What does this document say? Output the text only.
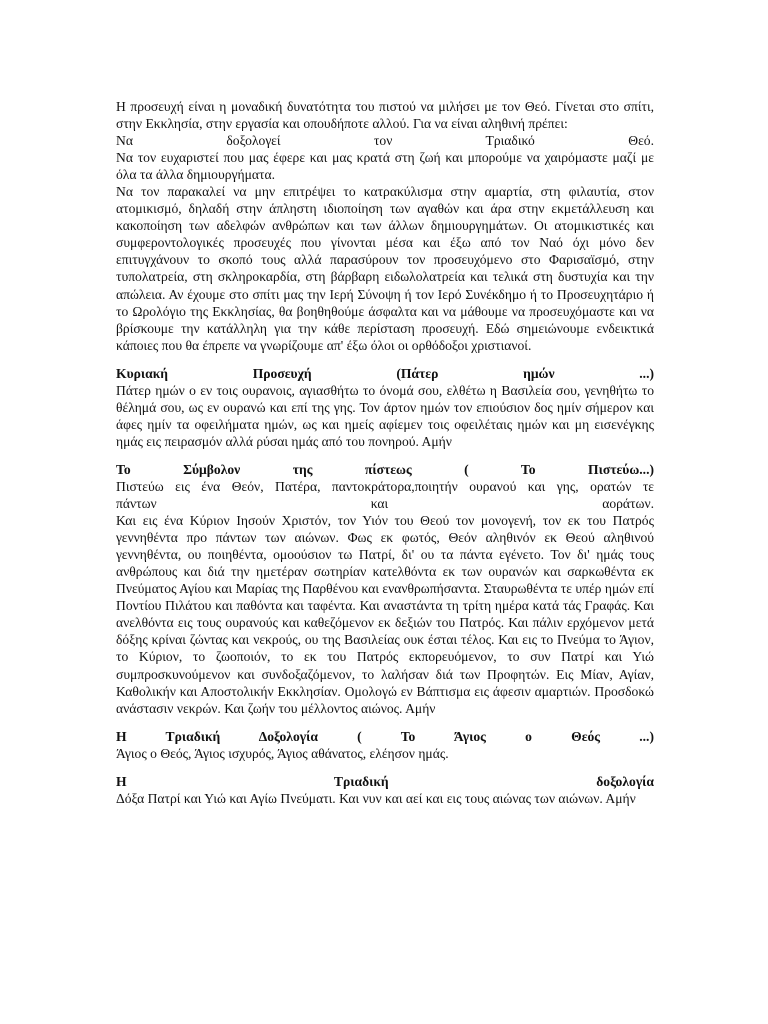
Η προσευχή είναι η μοναδική δυνατότητα του πιστού να μιλήσει με τον Θεό. Γίνεται στο σπίτι, στην Εκκλησία, στην εργασία και οπουδήποτε αλλού. Για να είναι αληθινή πρέπει:

Να δοξολογεί τον Τριαδικό Θεό.

Να τον ευχαριστεί που μας έφερε και μας κρατά στη ζωή και μπορούμε να χαιρόμαστε μαζί με όλα τα άλλα δημιουργήματα.

Να τον παρακαλεί να μην επιτρέψει το κατρακύλισμα στην αμαρτία, στη φιλαυτία, στον ατομικισμό, δηλαδή στην άπληστη ιδιοποίηση των αγαθών και άρα στην εκμετάλλευση και κακοποίηση των αδελφών ανθρώπων και των άλλων δημιουργημάτων. Οι ατομικιστικές και συμφεροντολογικές προσευχές που γίνονται μέσα και έξω από τον Ναό όχι μόνο δεν επιτυγχάνουν το σκοπό τους αλλά παρασύρουν τον προσευχόμενο στο Φαρισαϊσμό, στην τυπολατρεία, στη σκληροκαρδία, στη βάρβαρη ειδωλολατρεία και τελικά στη δυστυχία και την απώλεια. Αν έχουμε στο σπίτι μας την Ιερή Σύνοψη ή τον Ιερό Συνέκδημο ή το Προσευχητάριο ή το Ωρολόγιο της Εκκλησίας, θα βοηθηθούμε άσφαλτα και να μάθουμε να προσευχόμαστε και να βρίσκουμε την κατάλληλη για την κάθε περίσταση προσευχή. Εδώ σημειώνουμε ενδεικτικά κάποιες που θα έπρεπε να γνωρίζουμε απ' έξω όλοι οι ορθόδοξοι χριστιανοί.

Κυριακή Προσευχή (Πάτερ ημών ...)

Πάτερ ημών ο εν τοις ουρανοις, αγιασθήτω το όνομά σου, ελθέτω η Βασιλεία σου, γενηθήτω το θέλημά σου, ως εν ουρανώ και επί της γης. Τον άρτον ημών τον επιούσιον δος ημίν σήμερον και άφες ημίν τα οφειλήματα ημών, ως και ημείς αφίεμεν τοις οφειλέταις ημών και μη εισενέγκης ημάς εις πειρασμόν αλλά ρύσαι ημάς από του πονηρού. Αμήν

Το Σύμβολον της πίστεως ( Το Πιστεύω...)

Πιστεύω εις ένα Θεόν, Πατέρα, παντοκράτορα,ποιητήν ουρανού και γης, ορατών τε

πάντων και αοράτων.

Και εις ένα Κύριον Ιησούν Χριστόν, τον Υιόν του Θεού τον μονογενή, τον εκ του Πατρός γεννηθέντα προ πάντων των αιώνων. Φως εκ φωτός, Θεόν αληθινόν εκ Θεού αληθινού γεννηθέντα, ου ποιηθέντα, ομοούσιον τω Πατρί, δι' ου τα πάντα εγένετο. Τον δι' ημάς τους ανθρώπους και διά την ημετέραν σωτηρίαν κατελθόντα εκ των ουρανών και σαρκωθέντα εκ Πνεύματος Αγίου και Μαρίας της Παρθένου και ενανθρωπήσαντα. Σταυρωθέντα τε υπέρ ημών επί Ποντίου Πιλάτου και παθόντα και ταφέντα. Και αναστάντα τη τρίτη ημέρα κατά τάς Γραφάς. Και ανελθόντα εις τους ουρανούς και καθεζόμενον εκ δεξιών του Πατρός. Και πάλιν ερχόμενον μετά δόξης κρίναι ζώντας και νεκρούς, ου της Βασιλείας ουκ έσται τέλος. Και εις το Πνεύμα το Άγιον, το Κύριον, το ζωοποιόν, το εκ του Πατρός εκπορευόμενον, το συν Πατρί και Υιώ συμπροσκυνούμενον και συνδοξαζόμενον, το λαλήσαν διά των Προφητών. Εις Μίαν, Αγίαν, Καθολικήν και Αποστολικήν Εκκλησίαν. Ομολογώ εν Βάπτισμα εις άφεσιν αμαρτιών. Προσδοκώ ανάστασιν νεκρών. Και ζωήν του μέλλοντος αιώνος. Αμήν

Η Τριαδική Δοξολογία ( Το Άγιος ο Θεός ...)

Άγιος ο Θεός, Άγιος ισχυρός, Άγιος αθάνατος, ελέησον ημάς.

Η Τριαδική δοξολογία

Δόξα Πατρί και Υιώ και Αγίω Πνεύματι. Και νυν και αεί και εις τους αιώνας των αιώνων. Αμήν
